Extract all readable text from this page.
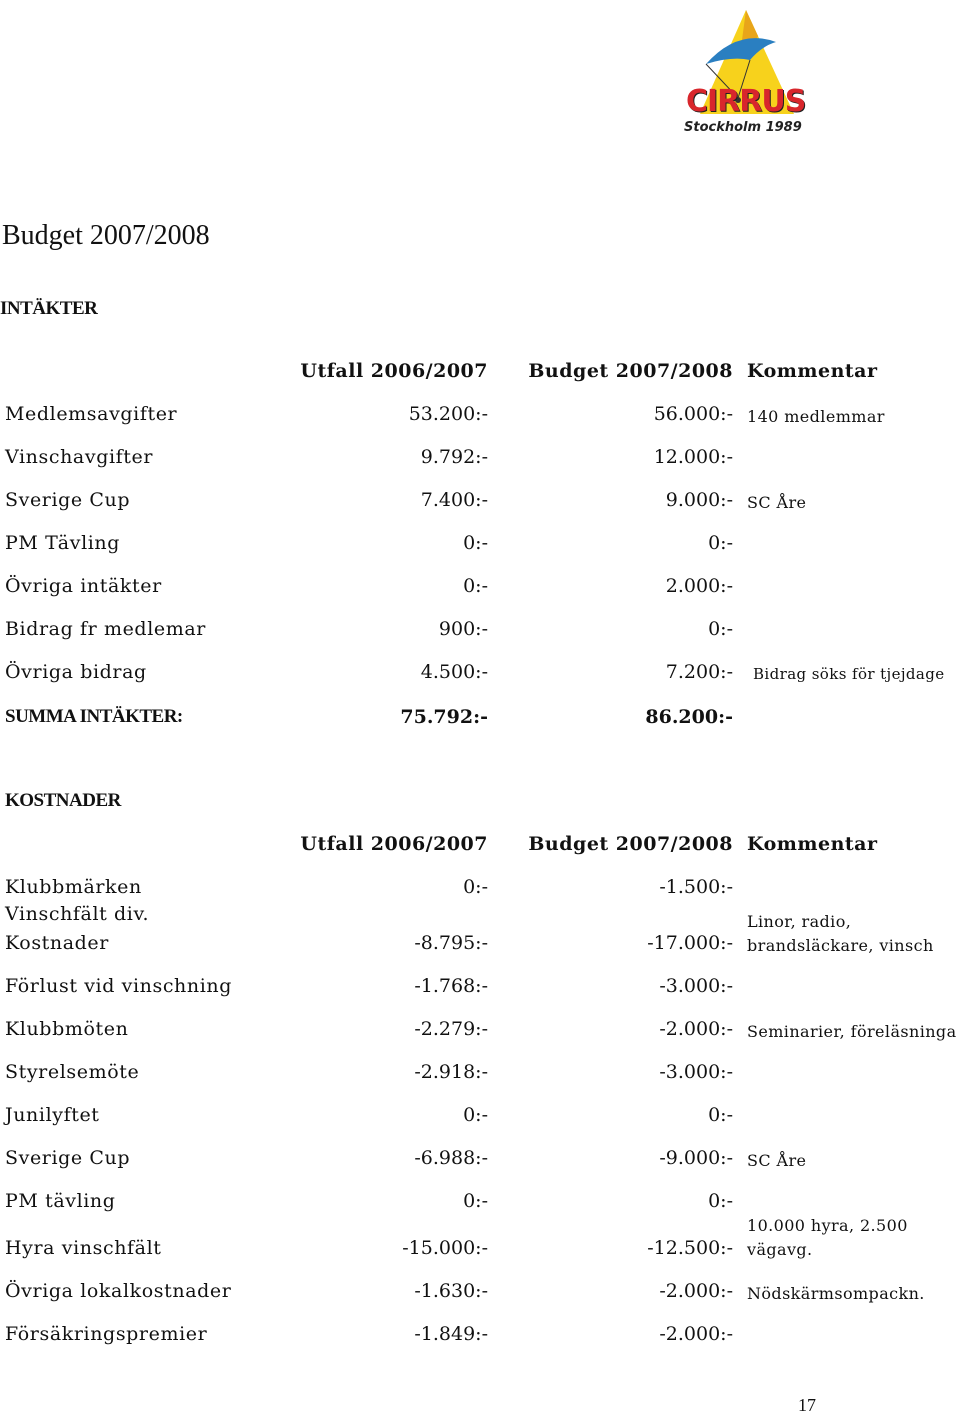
CIRRUS
Stockholm 1989
Budget 2007/2008
INTÄKTER
Utfall 2006/2007 Budget 2007/2008 Kommentar
Medlemsavgifter	53.200:-	56.000:- 140 medlemmar
Vinschavgifter	9.792:-	12.000:-
Sverige Cup	7.400:-	9.000:- SC Åre
PM Tävling	0:-	0:-
Övriga intäkter	0:-	2.000:-
Bidrag fr medlemar	900:-	0:-
Övriga bidrag	4.500:-	7.200:- Bidrag söks för tjejdage
SUMMA INTÄKTER:	75.792:-	86.200:-
KOSTNADER
Utfall 2006/2007 Budget 2007/2008 Kommentar
Klubbmärken	0:-	-1.500:-
Vinschfält div.
Kostnader	-8.795:-	-17.000:-
Linor, radio,
brandsläckare, vinsch
Förlust vid vinschning	-1.768:-	-3.000:-
Klubbmöten	-2.279:-	-2.000:- Seminarier, föreläsninga
Styrelsemöte	-2.918:-	-3.000:-
Junilyftet	0:-	0:-
Sverige Cup	-6.988:-	-9.000:- SC Åre
PM tävling	0:-	0:-
Hyra vinschfält	-15.000:-	-12.500:-
10.000 hyra, 2.500
vägavg.
Övriga lokalkostnader	-1.630:-	-2.000:- Nödskärmsompackn.
Försäkringspremier	-1.849:-	-2.000:-
17
